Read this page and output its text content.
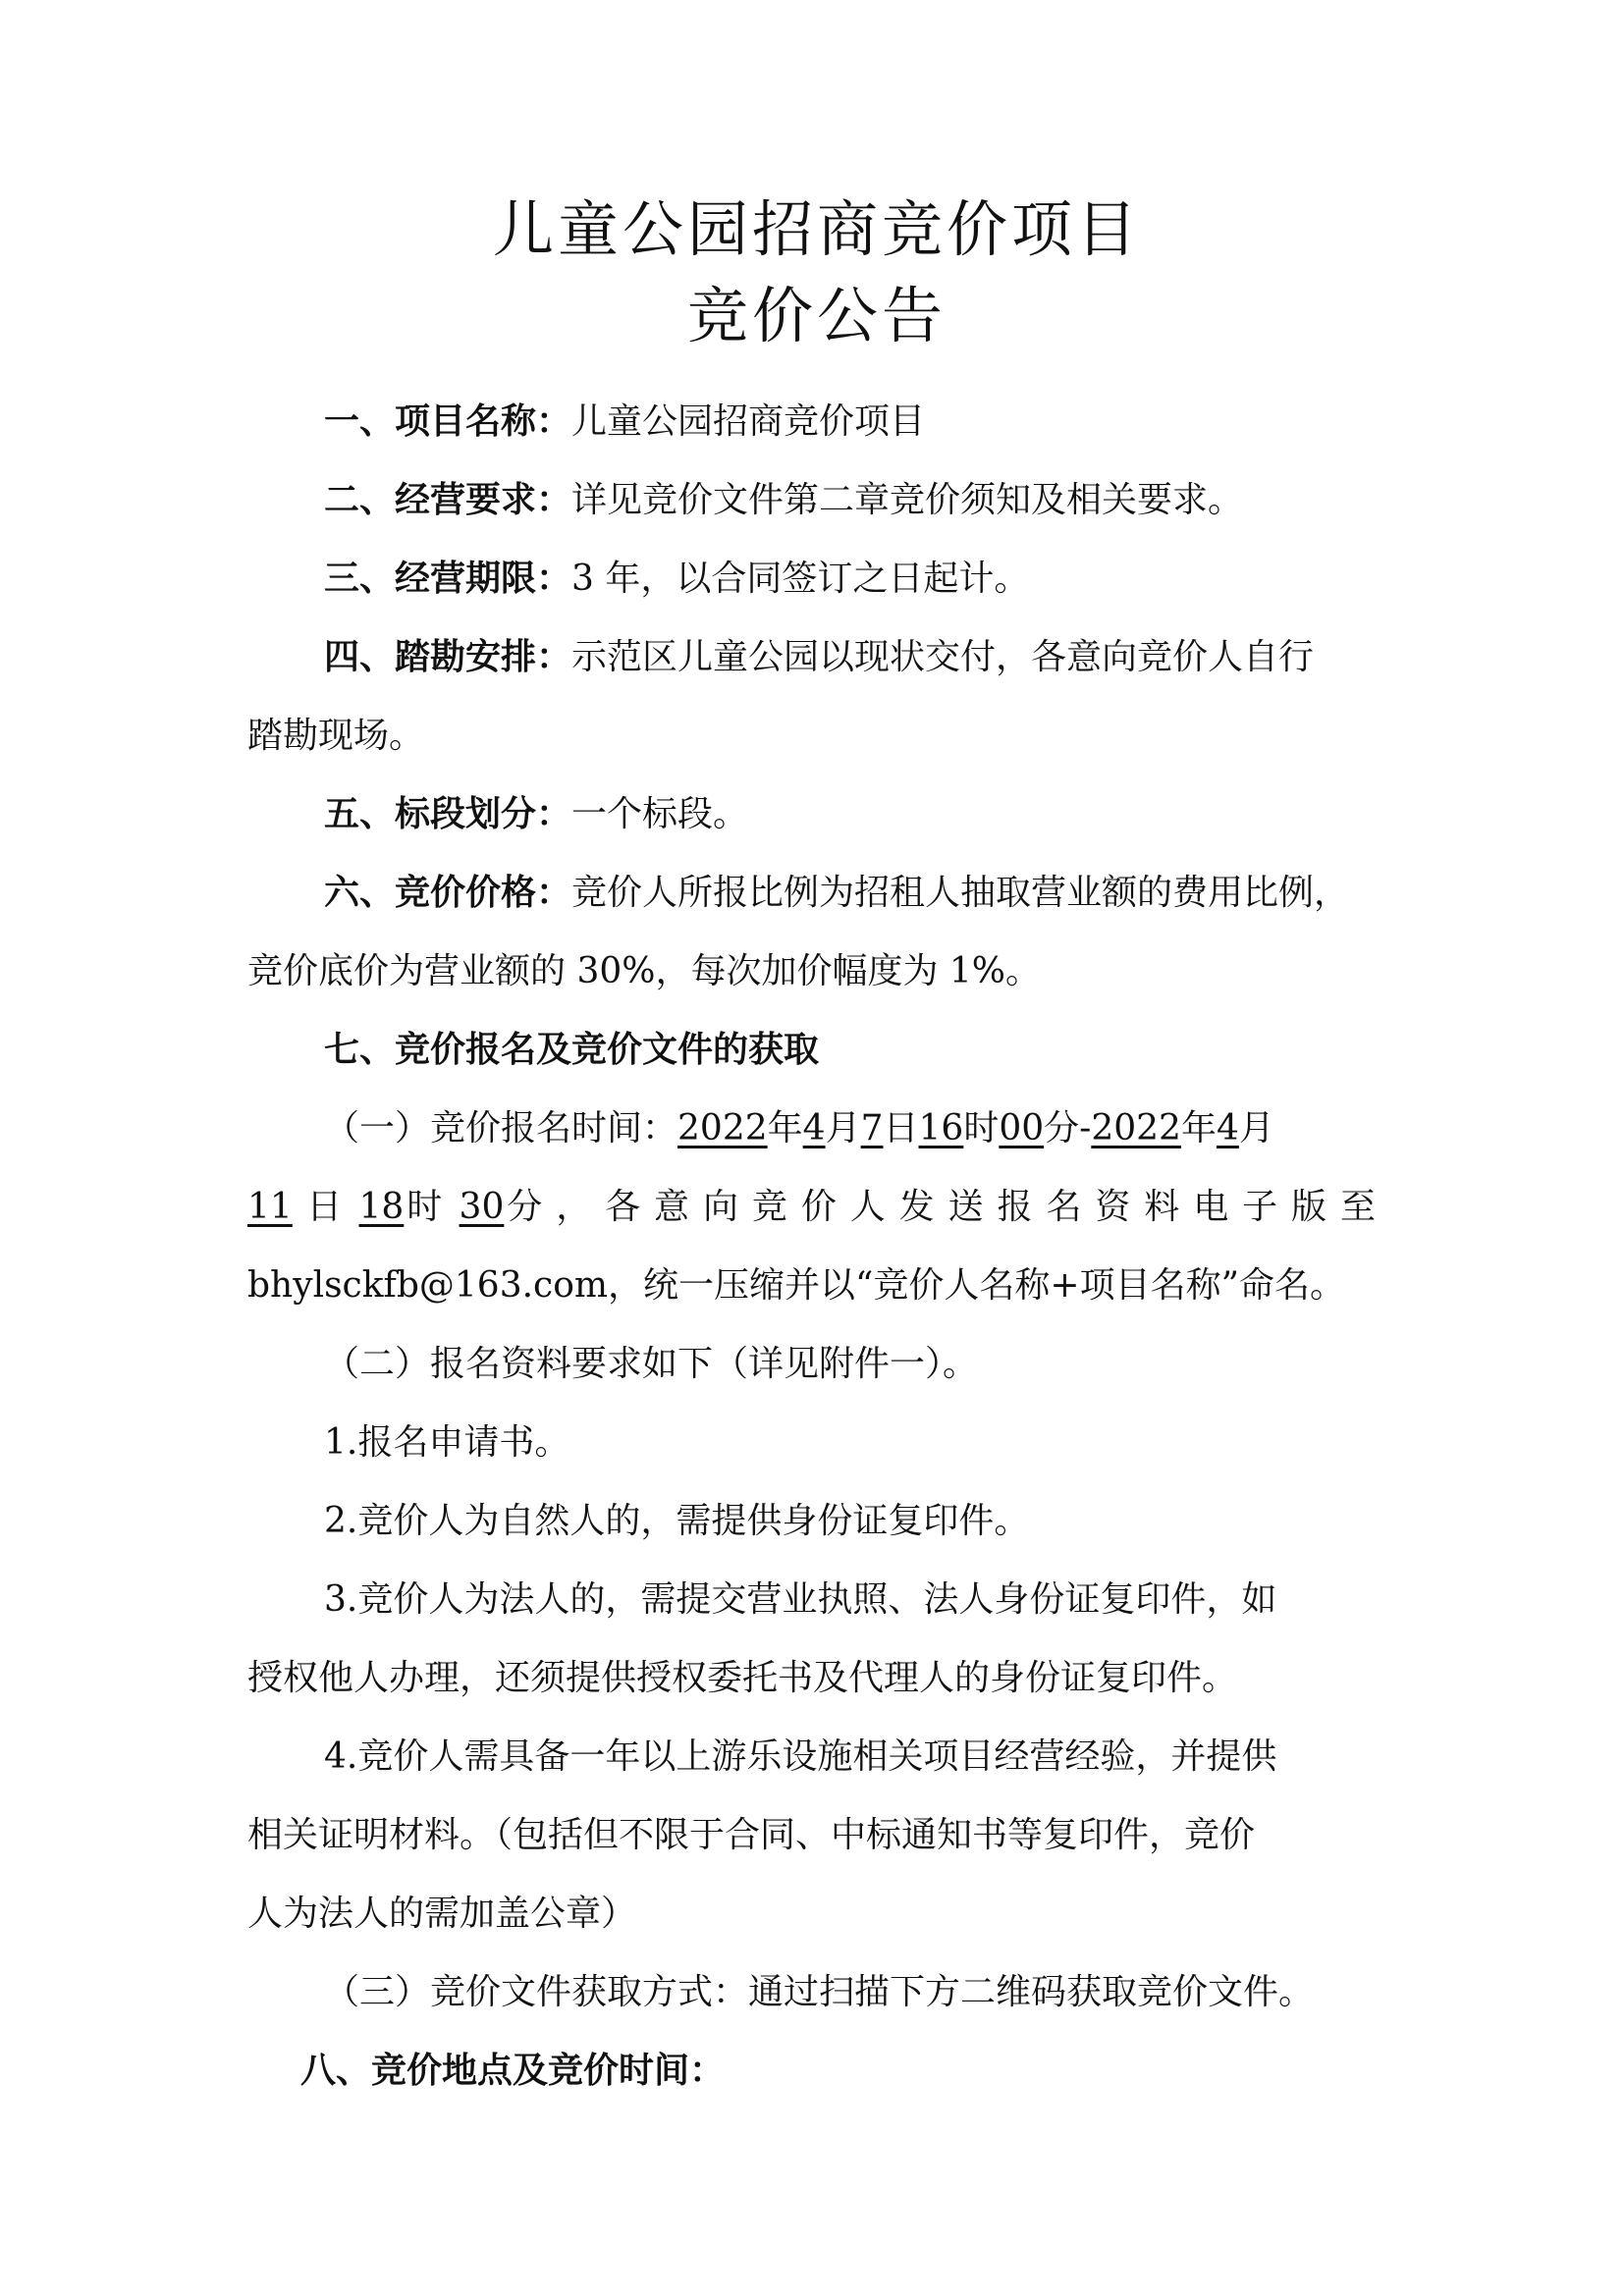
儿童公园招商竞价项目
竞价公告

一、项目名称：儿童公园招商竞价项目

二、经营要求：详见竞价文件第二章竞价须知及相关要求。

三、经营期限：3 年，以合同签订之日起计。

四、踏勘安排：示范区儿童公园以现状交付，各意向竞价人自行

踏勘现场。

五、标段划分：一个标段。

六、竞价价格：竞价人所报比例为招租人抽取营业额的费用比例，

竞价底价为营业额的 30%，每次加价幅度为 1%。

七、竞价报名及竞价文件的获取

（一）竞价报名时间：2022年4月7日16时00分-2022年4月

11 日 18时 30分，各意向竞价人发送报名资料电子版至

bhylsckfb@163.com，统一压缩并以“竞价人名称+项目名称”命名。

（二）报名资料要求如下（详见附件一）。

1.报名申请书。

2.竞价人为自然人的，需提供身份证复印件。

3.竞价人为法人的，需提交营业执照、法人身份证复印件，如

授权他人办理，还须提供授权委托书及代理人的身份证复印件。

4.竞价人需具备一年以上游乐设施相关项目经营经验，并提供

相关证明材料。（包括但不限于合同、中标通知书等复印件，竞价

人为法人的需加盖公章）

（三）竞价文件获取方式：通过扫描下方二维码获取竞价文件。

八、竞价地点及竞价时间：
